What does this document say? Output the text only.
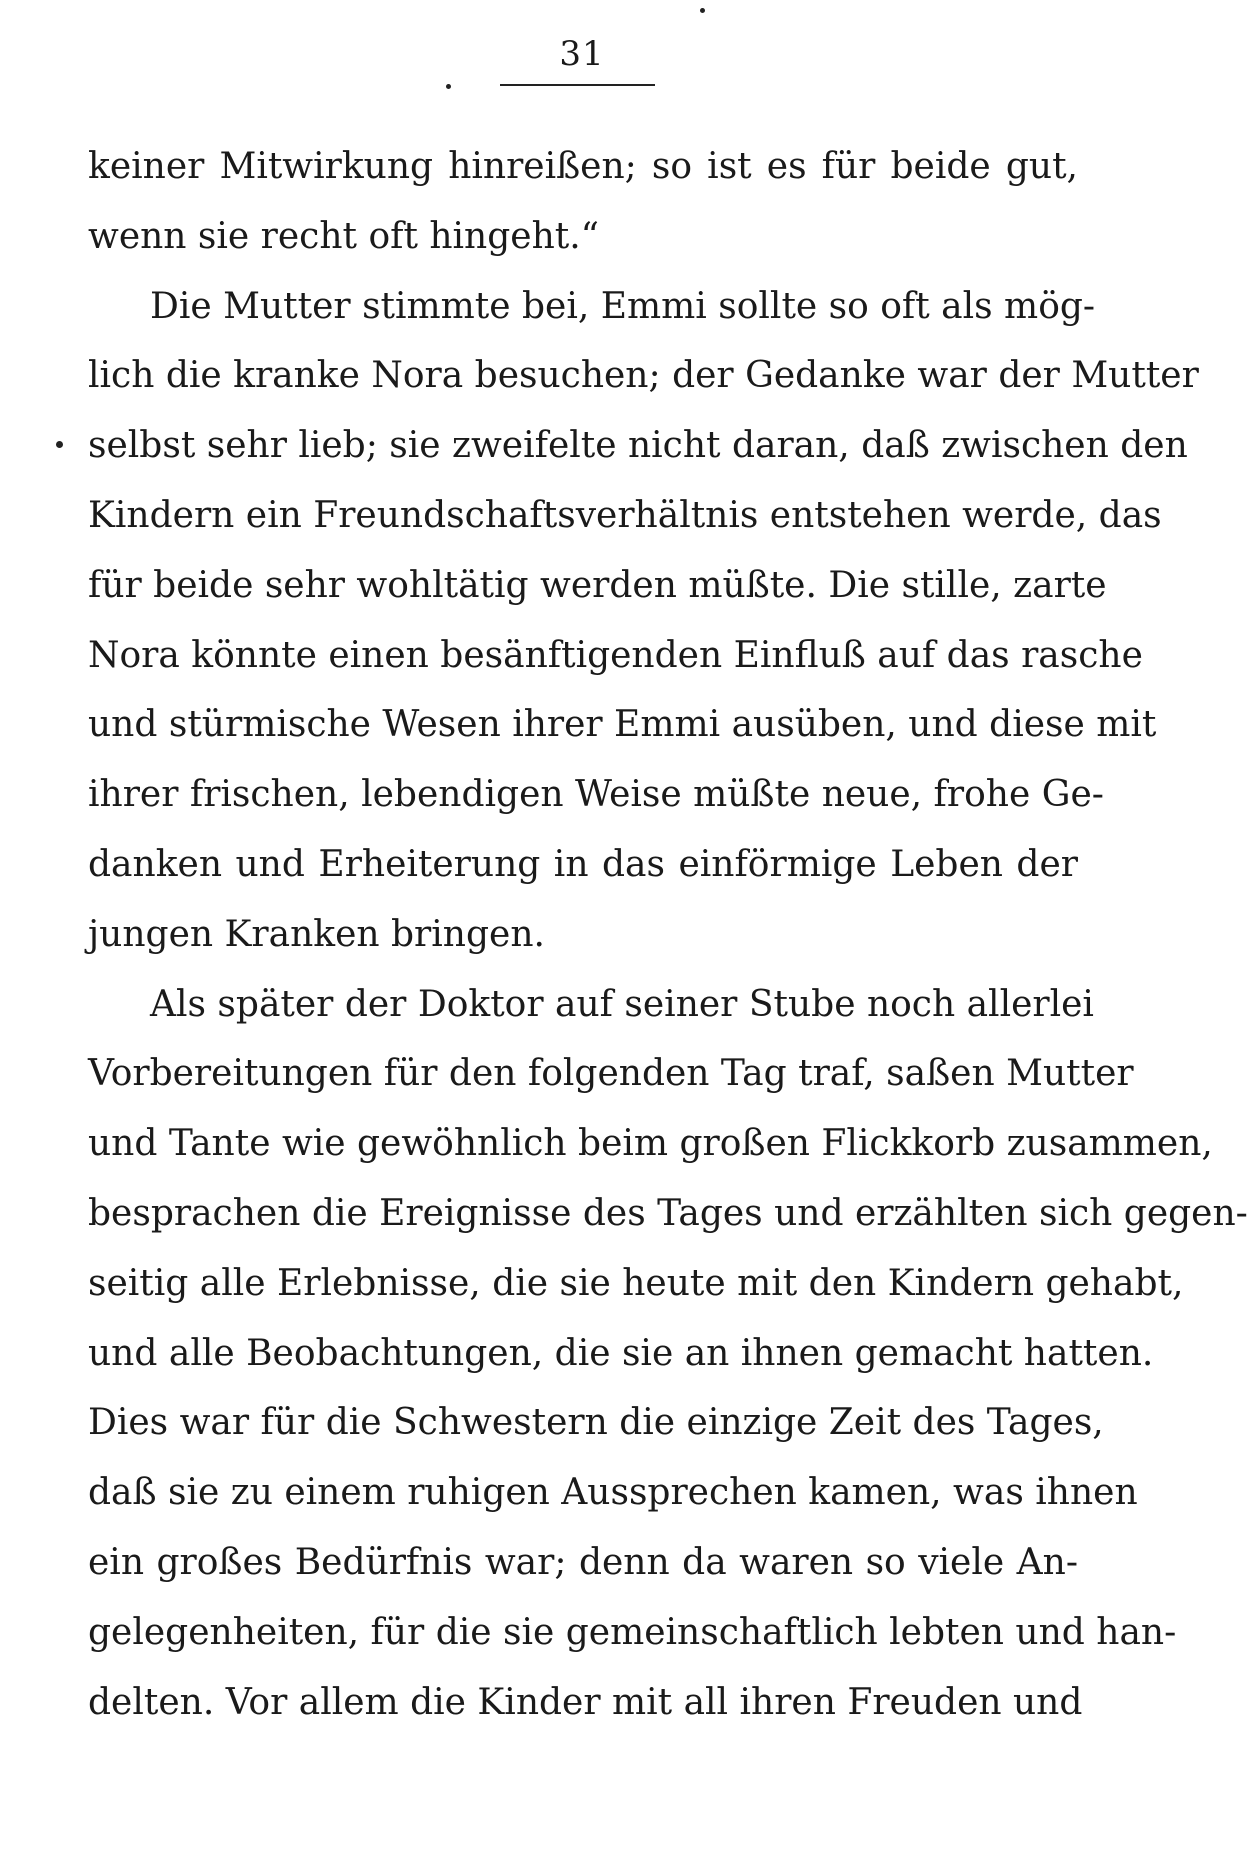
31
keiner Mitwirkung hinreißen; so ist es für beide gut,
wenn sie recht oft hingeht.“
Die Mutter stimmte bei, Emmi sollte so oft als mög-
lich die kranke Nora besuchen; der Gedanke war der Mutter
selbst sehr lieb; sie zweifelte nicht daran, daß zwischen den
Kindern ein Freundschaftsverhältnis entstehen werde, das
für beide sehr wohltätig werden müßte. Die stille, zarte
Nora könnte einen besänftigenden Einfluß auf das rasche
und stürmische Wesen ihrer Emmi ausüben, und diese mit
ihrer frischen, lebendigen Weise müßte neue, frohe Ge-
danken und Erheiterung in das einförmige Leben der
jungen Kranken bringen.
Als später der Doktor auf seiner Stube noch allerlei
Vorbereitungen für den folgenden Tag traf, saßen Mutter
und Tante wie gewöhnlich beim großen Flickkorb zusammen,
besprachen die Ereignisse des Tages und erzählten sich gegen-
seitig alle Erlebnisse, die sie heute mit den Kindern gehabt,
und alle Beobachtungen, die sie an ihnen gemacht hatten.
Dies war für die Schwestern die einzige Zeit des Tages,
daß sie zu einem ruhigen Aussprechen kamen, was ihnen
ein großes Bedürfnis war; denn da waren so viele An-
gelegenheiten, für die sie gemeinschaftlich lebten und han-
delten. Vor allem die Kinder mit all ihren Freuden und
